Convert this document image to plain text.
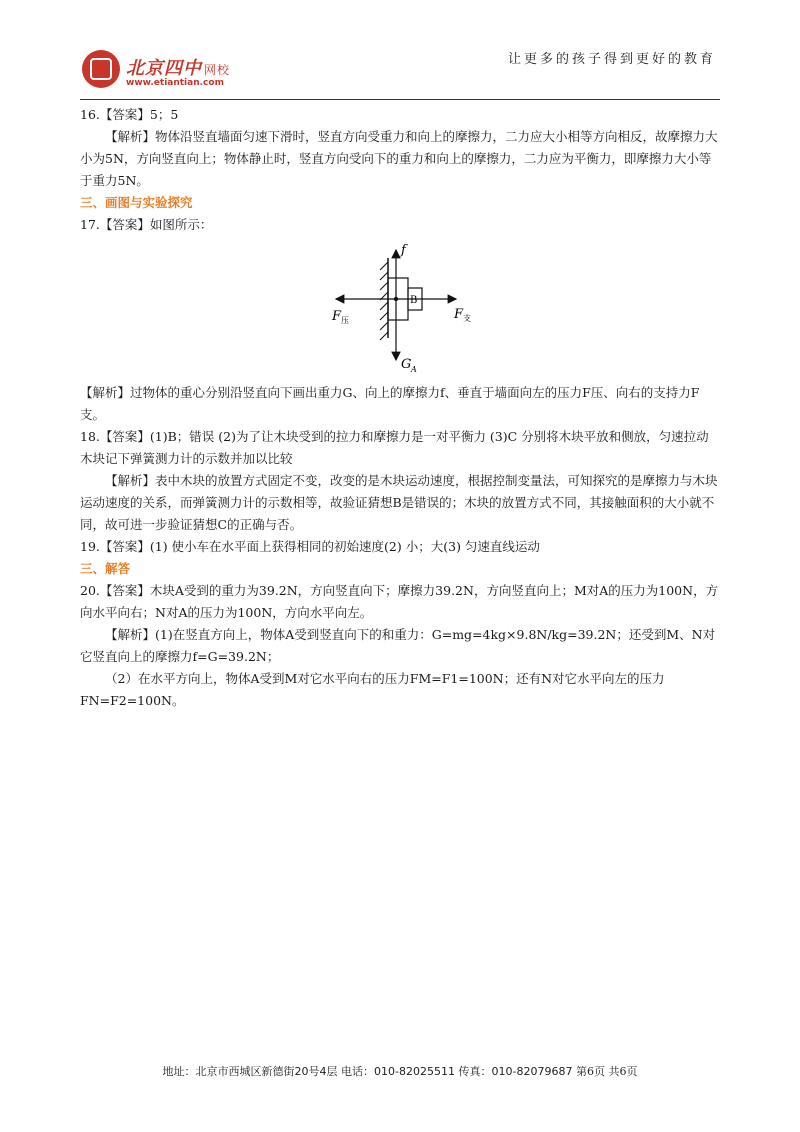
北京四中 网校
www.etiantian.com
让更多的孩子得到更好的教育

16.【答案】5；5

【解析】物体沿竖直墙面匀速下滑时，竖直方向受重力和向上的摩擦力，二力应大小相等方向相反，故摩擦力大小为5N，方向竖直向上；物体静止时，竖直方向受向下的重力和向上的摩擦力，二力应为平衡力，即摩擦力大小等于重力5N。

三、画图与实验探究

17.【答案】如图所示：

B
f
F 压	F 支
G A

【解析】过物体的重心分别沿竖直向下画出重力G、向上的摩擦力f、垂直于墙面向左的压力F压、向右的支持力F支。

18.【答案】(1)B；错误 (2)为了让木块受到的拉力和摩擦力是一对平衡力 (3)C 分别将木块平放和侧放，匀速拉动木块记下弹簧测力计的示数并加以比较

【解析】表中木块的放置方式固定不变，改变的是木块运动速度，根据控制变量法，可知探究的是摩擦力与木块运动速度的关系，而弹簧测力计的示数相等，故验证猜想B是错误的；木块的放置方式不同，其接触面积的大小就不同，故可进一步验证猜想C的正确与否。

19.【答案】(1) 使小车在水平面上获得相同的初始速度(2) 小；大(3) 匀速直线运动

三、解答

20.【答案】木块A受到的重力为39.2N，方向竖直向下；摩擦力39.2N，方向竖直向上；M对A的压力为100N，方向水平向右；N对A的压力为100N，方向水平向左。

【解析】(1)在竖直方向上，物体A受到竖直向下的和重力：G=mg=4kg×9.8N/kg=39.2N；还受到M、N对它竖直向上的摩擦力f=G=39.2N；

（2）在水平方向上，物体A受到M对它水平向右的压力FM=F1=100N；还有N对它水平向左的压力FN=F2=100N。

地址：北京市西城区新德街20号4层 电话：010-82025511 传真：010-82079687 第6页 共6页
